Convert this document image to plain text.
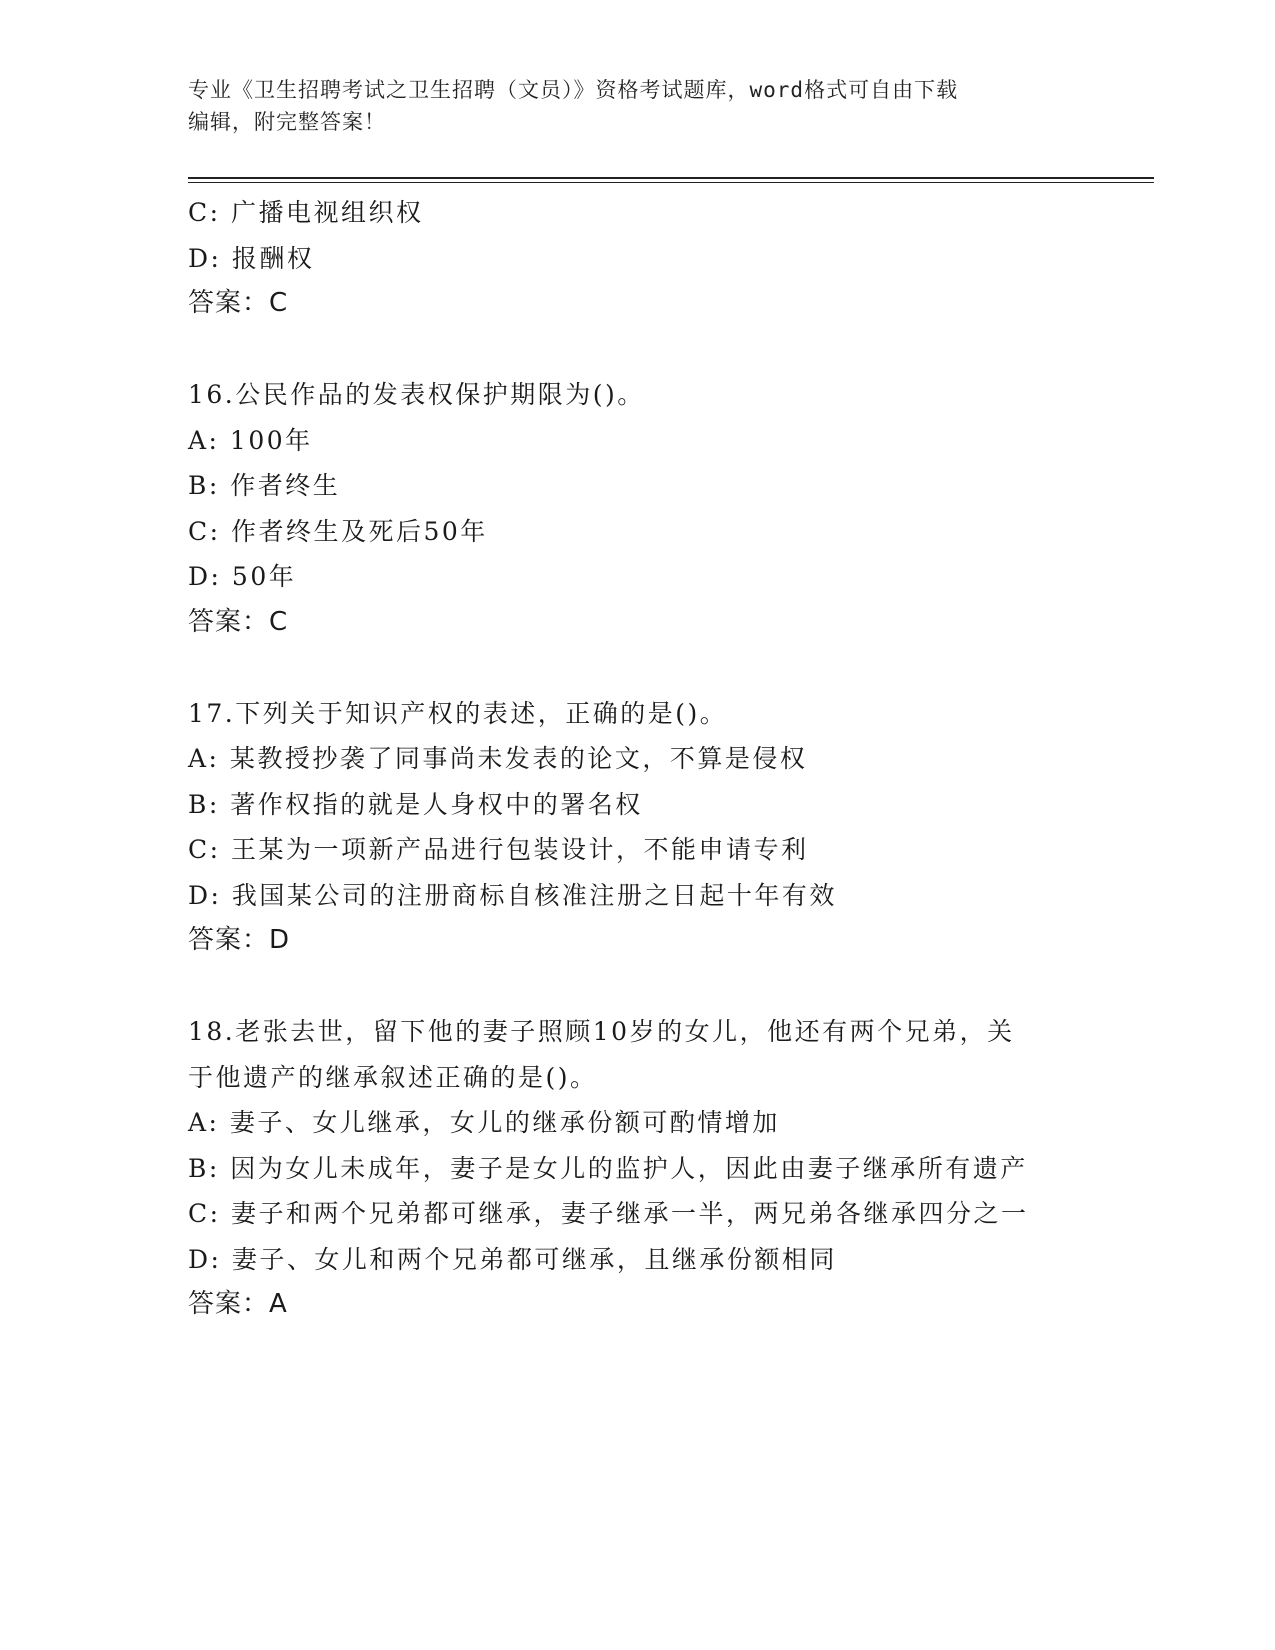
专业《卫生招聘考试之卫生招聘（文员）》资格考试题库，word格式可自由下载
编辑，附完整答案！
C: 广播电视组织权
D: 报酬权
答案：C
16.公民作品的发表权保护期限为()。
A: 100年
B: 作者终生
C: 作者终生及死后50年
D: 50年
答案：C
17.下列关于知识产权的表述，正确的是()。
A: 某教授抄袭了同事尚未发表的论文，不算是侵权
B: 著作权指的就是人身权中的署名权
C: 王某为一项新产品进行包装设计，不能申请专利
D: 我国某公司的注册商标自核准注册之日起十年有效
答案：D
18.老张去世，留下他的妻子照顾10岁的女儿，他还有两个兄弟，关
于他遗产的继承叙述正确的是()。
A: 妻子、女儿继承，女儿的继承份额可酌情增加
B: 因为女儿未成年，妻子是女儿的监护人，因此由妻子继承所有遗产
C: 妻子和两个兄弟都可继承，妻子继承一半，两兄弟各继承四分之一
D: 妻子、女儿和两个兄弟都可继承，且继承份额相同
答案：A
